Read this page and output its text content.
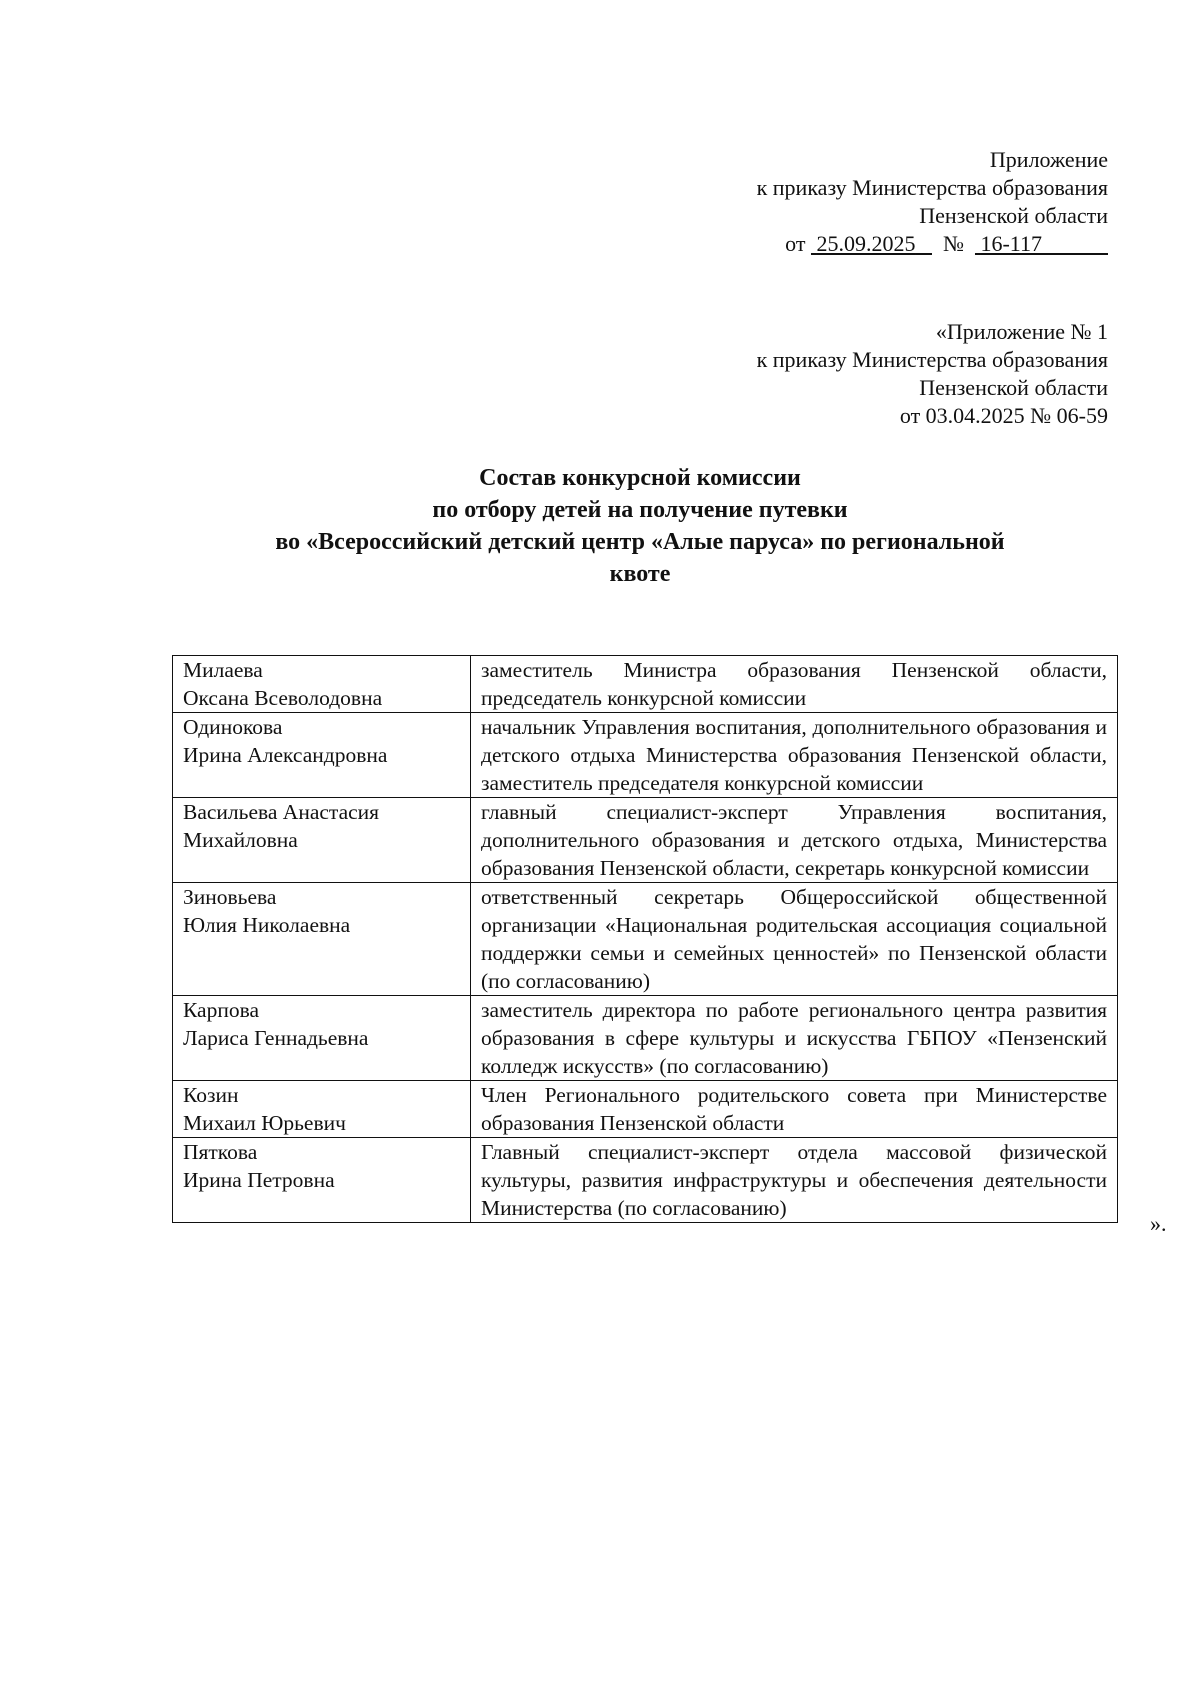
Приложение
к приказу Министерства образования
Пензенской области
от 25.09.2025 № 16-117
«Приложение № 1
к приказу Министерства образования
Пензенской области
от 03.04.2025 № 06-59
Состав конкурсной комиссии
по отбору детей на получение путевки
во «Всероссийский детский центр «Алые паруса» по региональной
квоте
Милаева
Оксана Всеволодовна	заместитель Министра образования Пензенской области, председатель конкурсной комиссии

Одинокова
Ирина Александровна	начальник Управления воспитания, дополнительного образования и детского отдыха Министерства образования Пензенской области, заместитель председателя конкурсной комиссии

Васильева Анастасия
Михайловна	главный специалист-эксперт Управления воспитания, дополнительного образования и детского отдыха, Министерства образования Пензенской области, секретарь конкурсной комиссии

Зиновьева
Юлия Николаевна	ответственный секретарь Общероссийской общественной организации «Национальная родительская ассоциация социальной поддержки семьи и семейных ценностей» по Пензенской области (по согласованию)

Карпова
Лариса Геннадьевна	заместитель директора по работе регионального центра развития образования в сфере культуры и искусства ГБПОУ «Пензенский колледж искусств» (по согласованию)

Козин
Михаил Юрьевич	Член Регионального родительского совета при Министерстве образования Пензенской области

Пяткова
Ирина Петровна	Главный специалист-эксперт отдела массовой физической культуры, развития инфраструктуры и обеспечения деятельности Министерства (по согласованию)
».
